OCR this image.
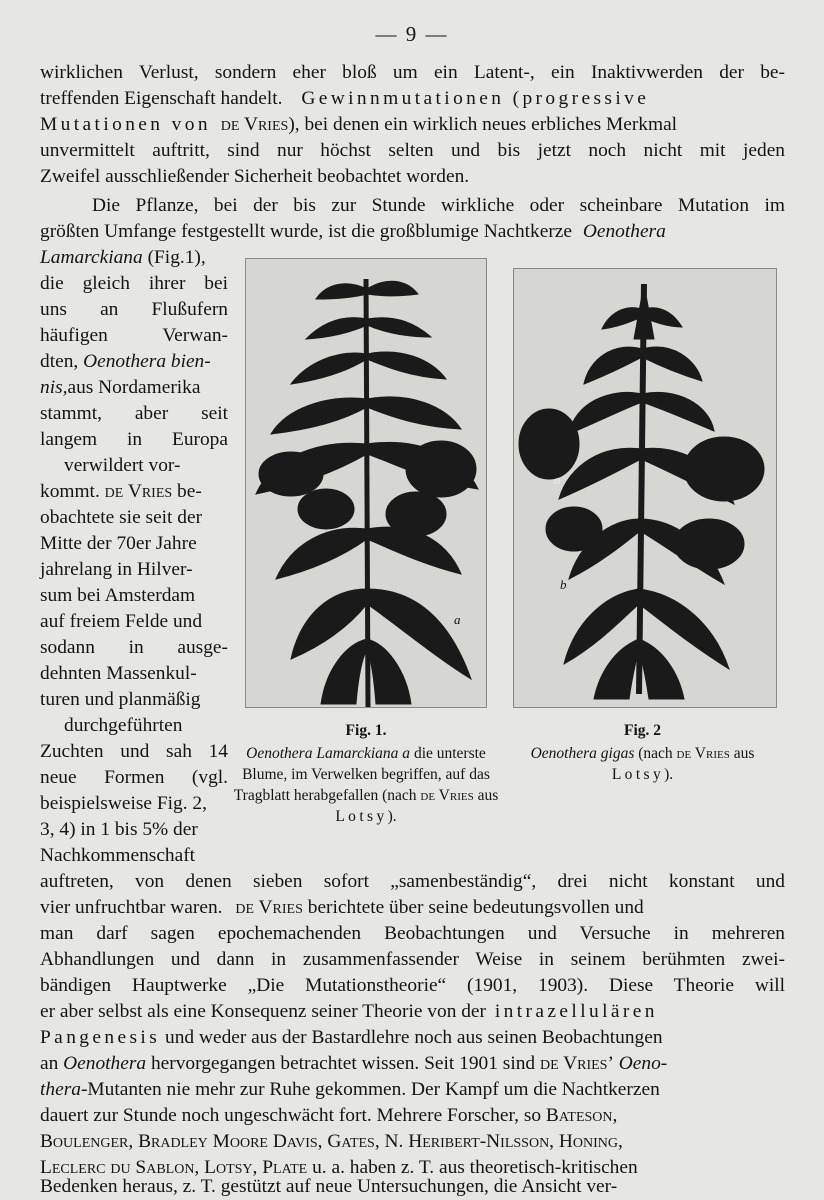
— 9 —
wirklichen Verlust, sondern eher bloß um ein Latent-, ein Inaktivwerden der be-
treffenden Eigenschaft handelt. Gewinnmutationen (progressive
Mutationen von de Vries), bei denen ein wirklich neues erbliches Merkmal
unvermittelt auftritt, sind nur höchst selten und bis jetzt noch nicht mit jeden
Zweifel ausschließender Sicherheit beobachtet worden.
Die Pflanze, bei der bis zur Stunde wirkliche oder scheinbare Mutation im
größten Umfange festgestellt wurde, ist die großblumige Nachtkerze Oenothera
Lamarckiana (Fig.1),
die gleich ihrer bei
uns an Flußufern
häufigen Verwan-
dten, Oenothera bien-
nis,aus Nordamerika
stammt, aber seit
langem in Europa
verwildert vor-
kommt. de Vries be-
obachtete sie seit der
Mitte der 70er Jahre
jahrelang in Hilver-
sum bei Amsterdam
auf freiem Felde und
sodann in ausge-
dehnten Massenkul-
turen und planmäßig
durchgeführten
Zuchten und sah 14
neue Formen (vgl.
beispielsweise Fig. 2,
3, 4) in 1 bis 5% der
Nachkommenschaft
a
Fig. 1.
Oenothera Lamarckiana a die unterste Blume, im Verwelken begriffen, auf das Tragblatt herabgefallen (nach de Vries aus Lotsy).
a
b
Fig. 2
Oenothera gigas (nach de Vries aus Lotsy).
auftreten, von denen sieben sofort „samenbeständig“, drei nicht konstant und
vier unfruchtbar waren. de Vries berichtete über seine bedeutungsvollen und
man darf sagen epochemachenden Beobachtungen und Versuche in mehreren
Abhandlungen und dann in zusammenfassender Weise in seinem berühmten zwei-
bändigen Hauptwerke „Die Mutationstheorie“ (1901, 1903). Diese Theorie will
er aber selbst als eine Konsequenz seiner Theorie von der intrazellulären
Pangenesis und weder aus der Bastardlehre noch aus seinen Beobachtungen
an Oenothera hervorgegangen betrachtet wissen. Seit 1901 sind de Vries’ Oeno-
thera-Mutanten nie mehr zur Ruhe gekommen. Der Kampf um die Nachtkerzen
dauert zur Stunde noch ungeschwächt fort. Mehrere Forscher, so Bateson,
Boulenger, Bradley Moore Davis, Gates, N. Heribert-Nilsson, Honing,
Leclerc du Sablon, Lotsy, Plate u. a. haben z. T. aus theoretisch-kritischen
Bedenken heraus, z. T. gestützt auf neue Untersuchungen, die Ansicht ver-
